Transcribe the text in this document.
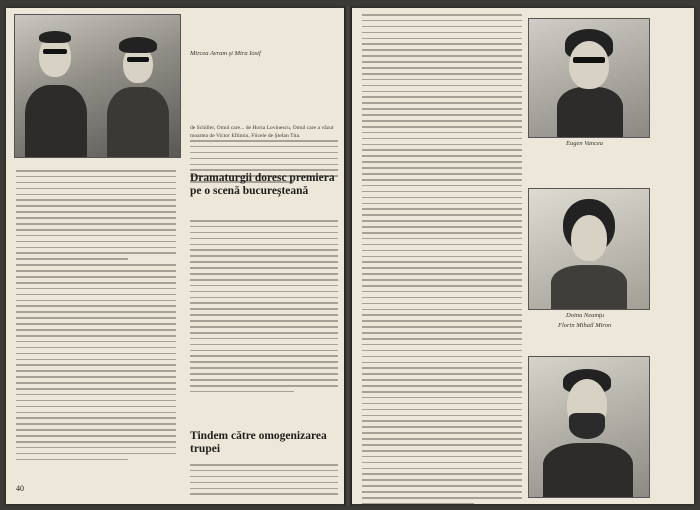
Mircea Avram şi Mira Iosif
de Schiller, Omul care... de Horia Lovinescu, Omul care a văzut moartea de Victor Eftimiu, Fiicele de Ştefan Tita.
Dramaturgii doresc premiera pe o scenă bucureşteană
Tindem către omogenizarea trupei
40
Eugen Vancea
Doina Neamţu
Florin Mihail Miron
